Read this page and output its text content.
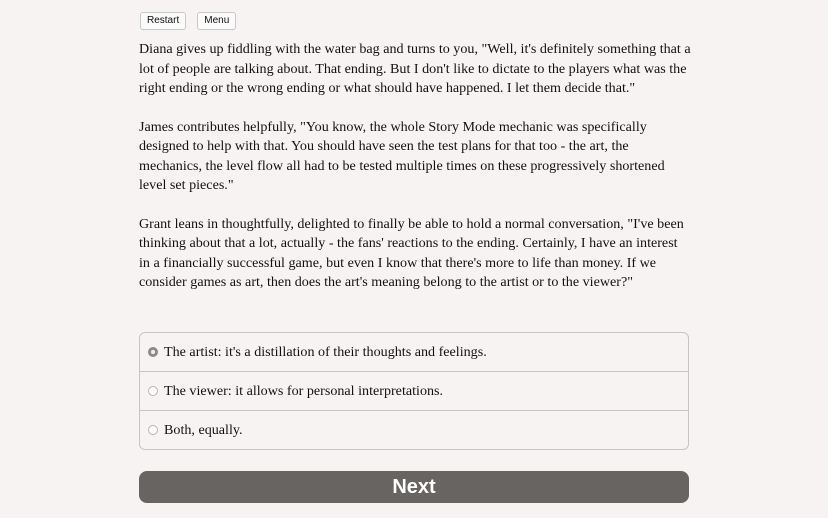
Restart	Menu

Diana gives up fiddling with the water bag and turns to you, "Well, it's definitely something that a lot of people are talking about. That ending. But I don't like to dictate to the players what was the right ending or the wrong ending or what should have happened. I let them decide that."

James contributes helpfully, "You know, the whole Story Mode mechanic was specifically designed to help with that. You should have seen the test plans for that too - the art, the mechanics, the level flow all had to be tested multiple times on these progressively shortened level set pieces."

Grant leans in thoughtfully, delighted to finally be able to hold a normal conversation, "I've been thinking about that a lot, actually - the fans' reactions to the ending. Certainly, I have an interest in a financially successful game, but even I know that there's more to life than money. If we consider games as art, then does the art's meaning belong to the artist or to the viewer?"

The artist: it's a distillation of their thoughts and feelings.
The viewer: it allows for personal interpretations.
Both, equally.
Next
